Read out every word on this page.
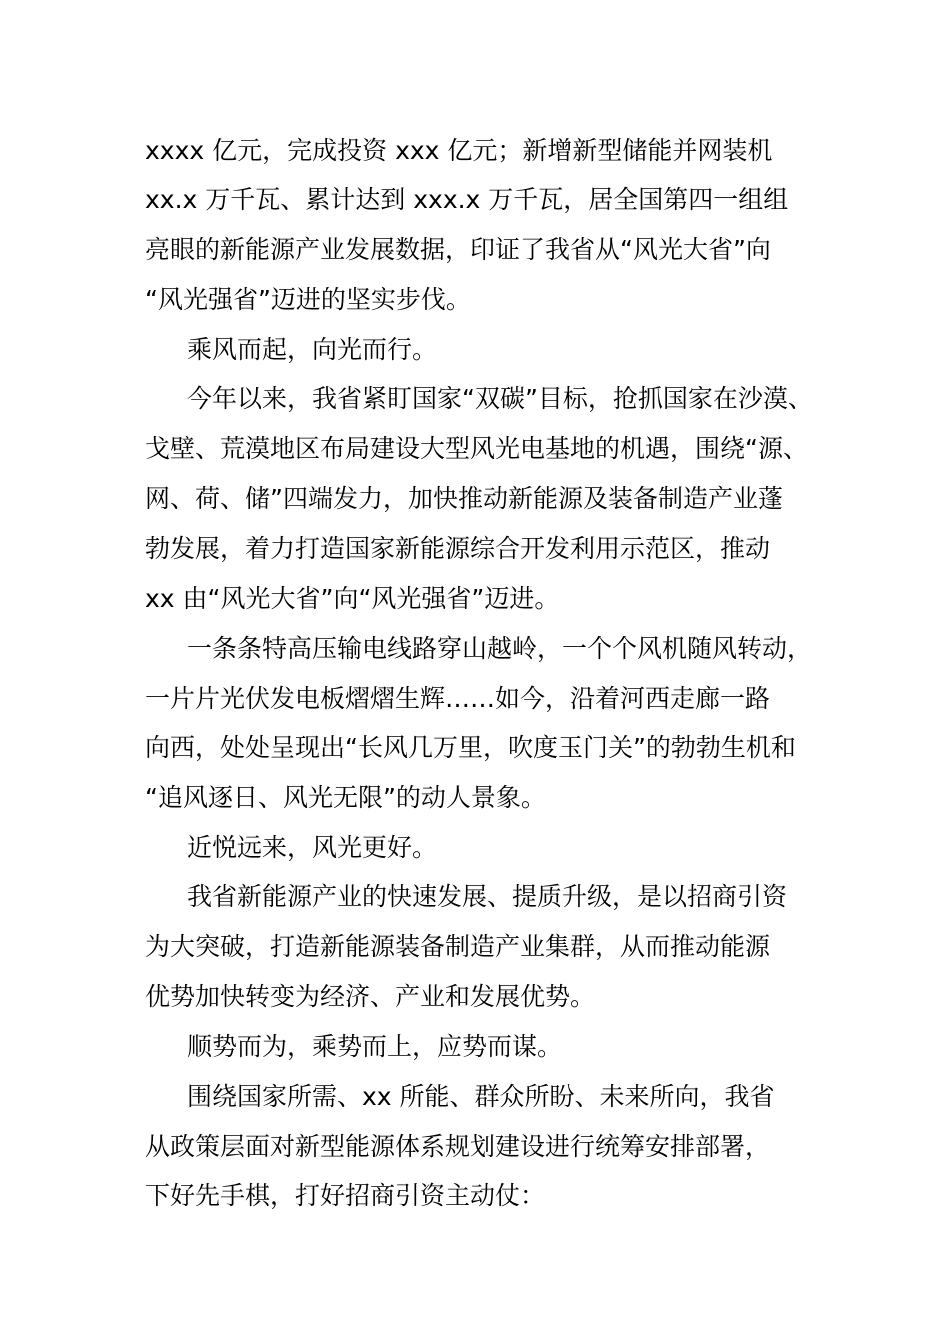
xxxx 亿元，完成投资 xxx 亿元；新增新型储能并网装机
xx.x 万千瓦、累计达到 xxx.x 万千瓦，居全国第四一组组
亮眼的新能源产业发展数据，印证了我省从“风光大省”向
“风光强省”迈进的坚实步伐。
乘风而起，向光而行。
今年以来，我省紧盯国家“双碳”目标，抢抓国家在沙漠、
戈壁、荒漠地区布局建设大型风光电基地的机遇，围绕“源、
网、荷、储”四端发力，加快推动新能源及装备制造产业蓬
勃发展，着力打造国家新能源综合开发利用示范区，推动
xx 由“风光大省”向“风光强省”迈进。
一条条特高压输电线路穿山越岭，一个个风机随风转动，
一片片光伏发电板熠熠生辉……如今，沿着河西走廊一路
向西，处处呈现出“长风几万里，吹度玉门关”的勃勃生机和
“追风逐日、风光无限”的动人景象。
近悦远来，风光更好。
我省新能源产业的快速发展、提质升级，是以招商引资
为大突破，打造新能源装备制造产业集群，从而推动能源
优势加快转变为经济、产业和发展优势。
顺势而为，乘势而上，应势而谋。
围绕国家所需、xx 所能、群众所盼、未来所向，我省
从政策层面对新型能源体系规划建设进行统筹安排部署，
下好先手棋，打好招商引资主动仗：
